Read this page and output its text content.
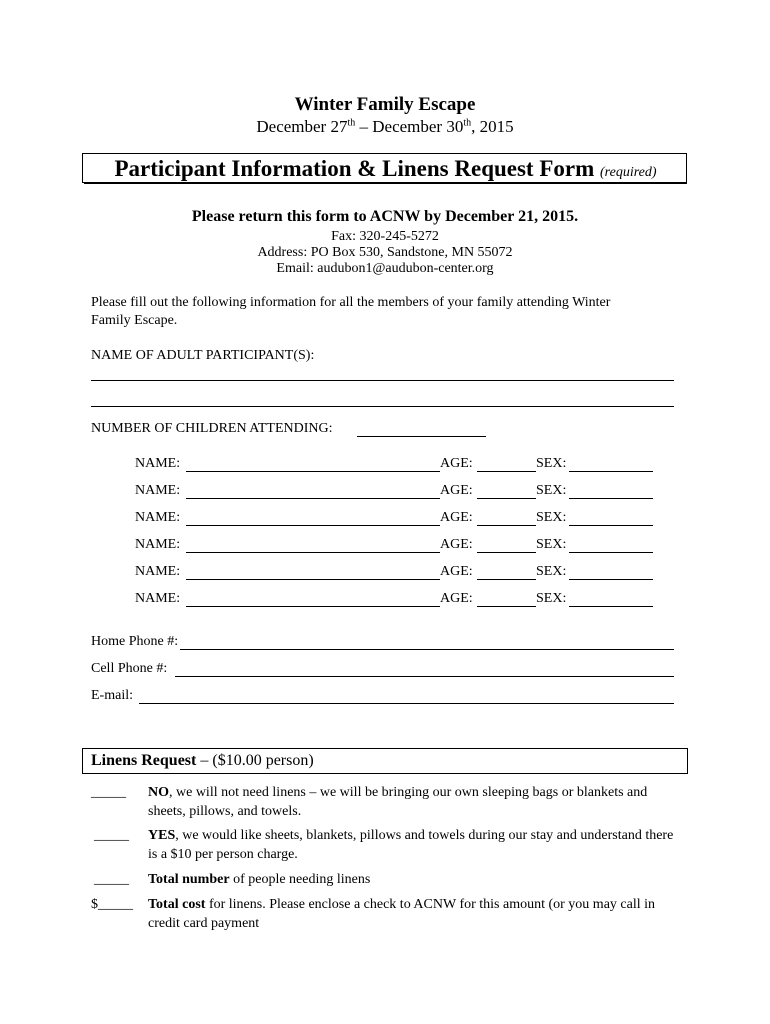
Winter Family Escape
December 27th – December 30th, 2015
Participant Information & Linens Request Form (required)
Please return this form to ACNW by December 21, 2015.
Fax: 320-245-5272
Address: PO Box 530, Sandstone, MN 55072
Email: audubon1@audubon-center.org
Please fill out the following information for all the members of your family attending Winter
Family Escape.
NAME OF ADULT PARTICIPANT(S):
NUMBER OF CHILDREN ATTENDING:
NAME:	AGE:	SEX:
NAME:	AGE:	SEX:
NAME:	AGE:	SEX:
NAME:	AGE:	SEX:
NAME:	AGE:	SEX:
NAME:	AGE:	SEX:
Home Phone #:
Cell Phone #:
E-mail:
Linens Request – ($10.00 person)
_____ NO, we will not need linens – we will be bringing our own sleeping bags or blankets and sheets, pillows, and towels.
_____ YES, we would like sheets, blankets, pillows and towels during our stay and understand there is a $10 per person charge.
_____ Total number of people needing linens
$_____ Total cost for linens. Please enclose a check to ACNW for this amount (or you may call in credit card payment
